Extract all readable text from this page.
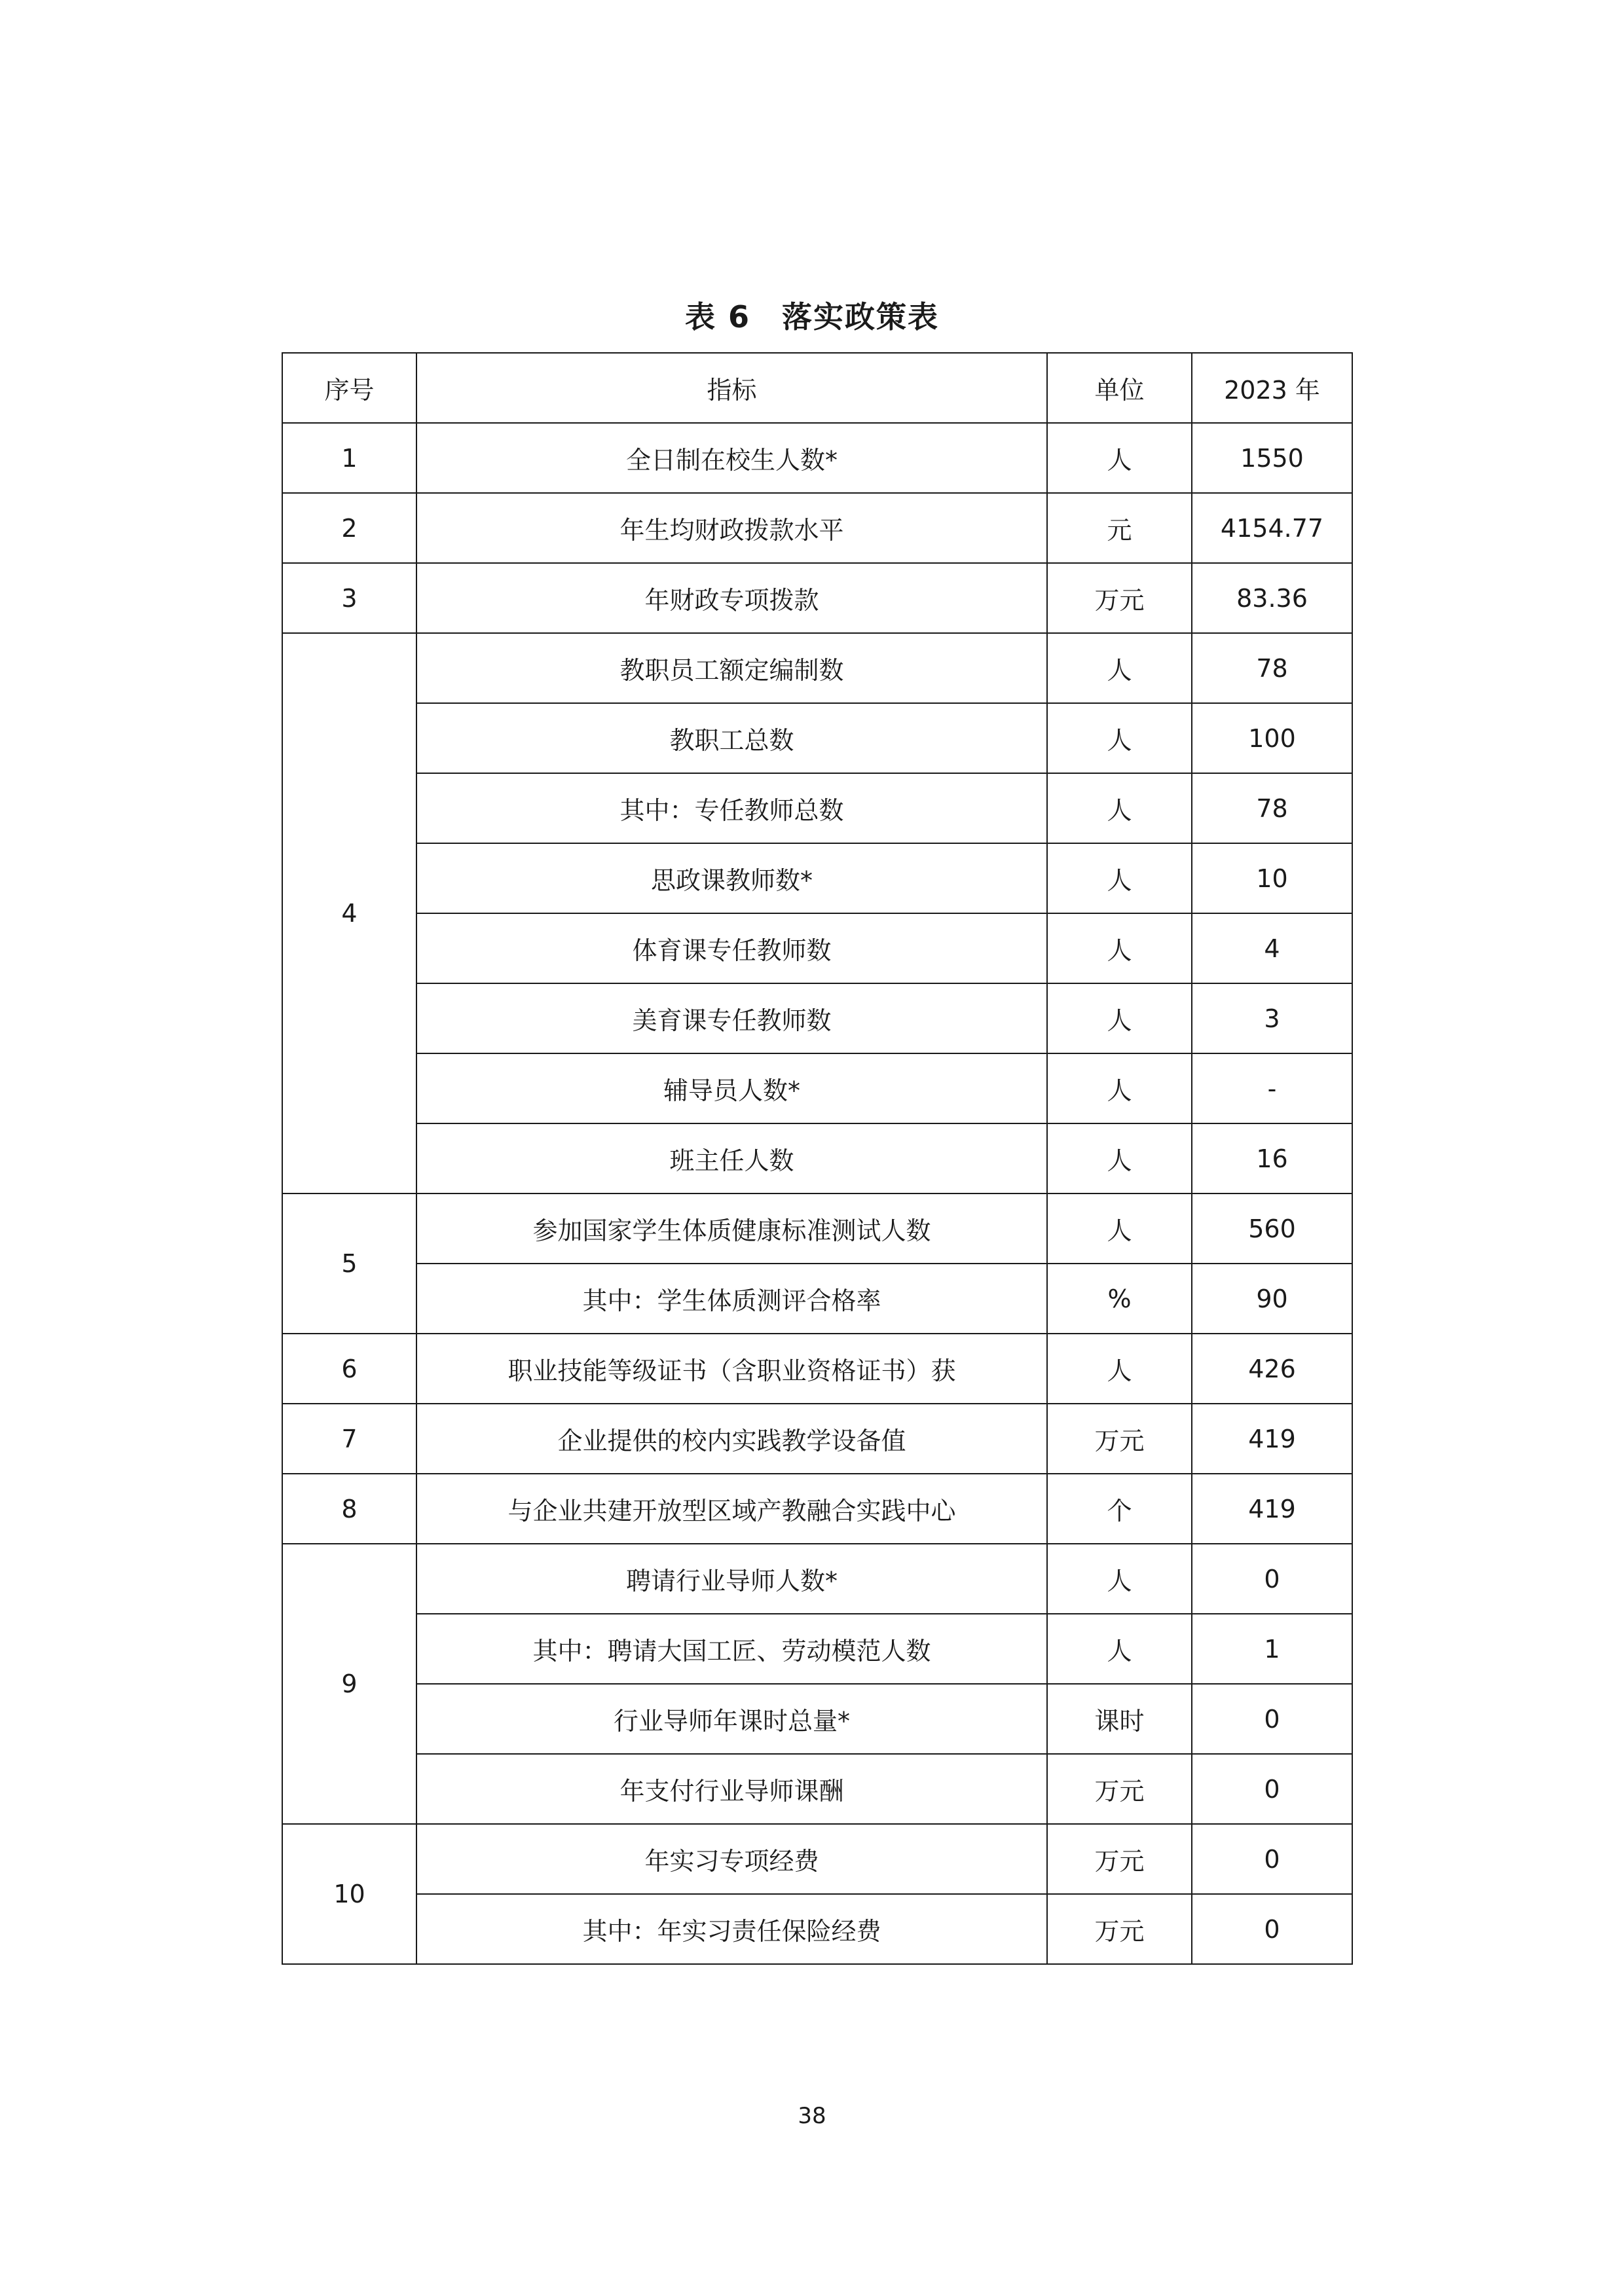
表 6 落实政策表
序号	指标	单位	2023 年
1	全日制在校生人数*	人	1550
2	年生均财政拨款水平	元	4154.77
3	年财政专项拨款	万元	83.36
4	教职员工额定编制数	人	78
	教职工总数	人	100
	其中：专任教师总数	人	78
	思政课教师数*	人	10
	体育课专任教师数	人	4
	美育课专任教师数	人	3
	辅导员人数*	人	-
	班主任人数	人	16
5	参加国家学生体质健康标准测试人数	人	560
	其中：学生体质测评合格率	%	90
6	职业技能等级证书（含职业资格证书）获	人	426
7	企业提供的校内实践教学设备值	万元	419
8	与企业共建开放型区域产教融合实践中心	个	419
9	聘请行业导师人数*	人	0
	其中：聘请大国工匠、劳动模范人数	人	1
	行业导师年课时总量*	课时	0
	年支付行业导师课酬	万元	0
10	年实习专项经费	万元	0
	其中：年实习责任保险经费	万元	0
38
